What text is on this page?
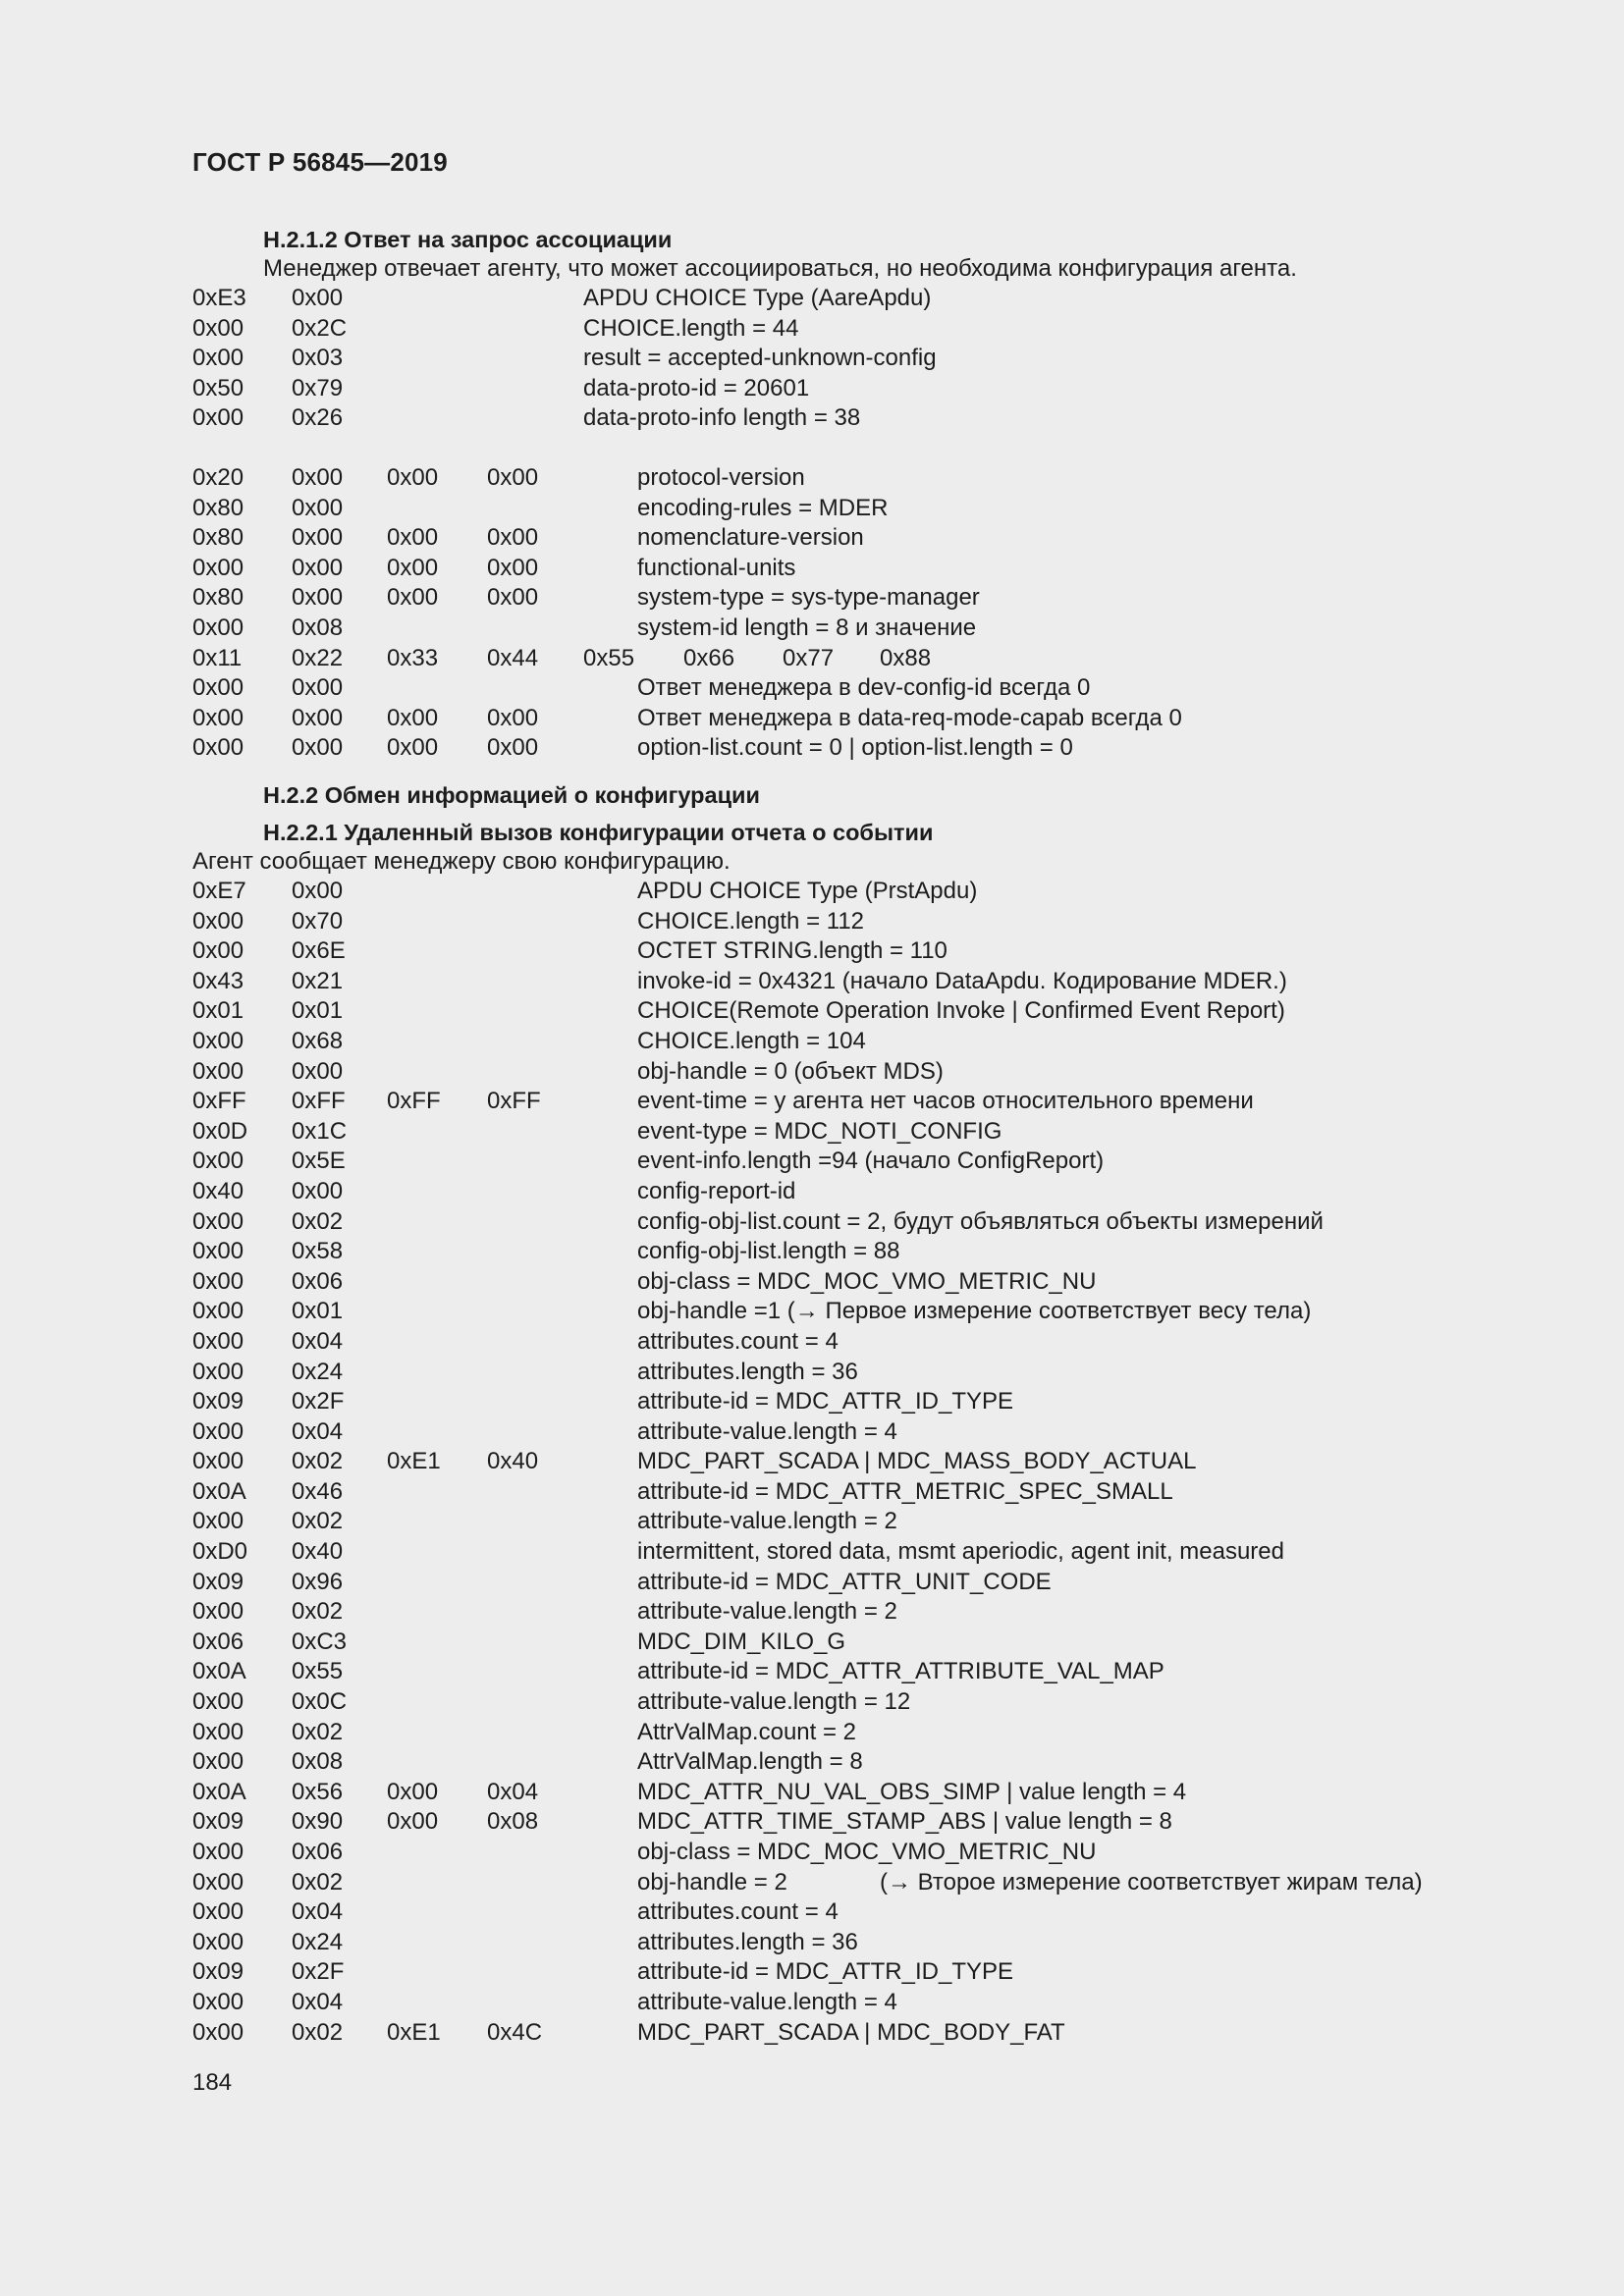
ГОСТ Р 56845—2019
H.2.1.2 Ответ на запрос ассоциации
Менеджер отвечает агенту, что может ассоциироваться, но необходима конфигурация агента.
0xE3 0x00	APDU CHOICE Type (AareApdu)
0x00 0x2C	CHOICE.length = 44
0x00 0x03	result = accepted-unknown-config
0x50 0x79	data-proto-id = 20601
0x00 0x26	data-proto-info length = 38
0x20 0x00 0x00 0x00	protocol-version
0x80 0x00	encoding-rules = MDER
0x80 0x00 0x00 0x00	nomenclature-version
0x00 0x00 0x00 0x00	functional-units
0x80 0x00 0x00 0x00	system-type = sys-type-manager
0x00 0x08	system-id length = 8 и значение
0x11 0x22 0x33 0x44 0x55 0x66 0x77 0x88
0x00 0x00	Ответ менеджера в dev-config-id всегда 0
0x00 0x00 0x00 0x00	Ответ менеджера в data-req-mode-capab всегда 0
0x00 0x00 0x00 0x00	option-list.count = 0 | option-list.length = 0
H.2.2 Обмен информацией о конфигурации
H.2.2.1 Удаленный вызов конфигурации отчета о событии
Агент сообщает менеджеру свою конфигурацию.
0xE7 0x00	APDU CHOICE Type (PrstApdu)
0x00 0x70	CHOICE.length = 112
0x00 0x6E	OCTET STRING.length = 110
0x43 0x21	invoke-id = 0x4321 (начало DataApdu. Кодирование MDER.)
0x01 0x01	CHOICE(Remote Operation Invoke | Confirmed Event Report)
0x00 0x68	CHOICE.length = 104
0x00 0x00	obj-handle = 0 (объект MDS)
0xFF 0xFF 0xFF 0xFF	event-time = у агента нет часов относительного времени
0x0D 0x1C	event-type = MDC_NOTI_CONFIG
0x00 0x5E	event-info.length =94 (начало ConfigReport)
0x40 0x00	config-report-id
0x00 0x02	config-obj-list.count = 2, будут объявляться объекты измерений
0x00 0x58	config-obj-list.length = 88
0x00 0x06	obj-class = MDC_MOC_VMO_METRIC_NU
0x00 0x01	obj-handle =1 (→ Первое измерение соответствует весу тела)
0x00 0x04	attributes.count = 4
0x00 0x24	attributes.length = 36
0x09 0x2F	attribute-id = MDC_ATTR_ID_TYPE
0x00 0x04	attribute-value.length = 4
0x00 0x02 0xE1 0x40	MDC_PART_SCADA | MDC_MASS_BODY_ACTUAL
0x0A 0x46	attribute-id = MDC_ATTR_METRIC_SPEC_SMALL
0x00 0x02	attribute-value.length = 2
0xD0 0x40	intermittent, stored data, msmt aperiodic, agent init, measured
0x09 0x96	attribute-id = MDC_ATTR_UNIT_CODE
0x00 0x02	attribute-value.length = 2
0x06 0xC3	MDC_DIM_KILO_G
0x0A 0x55	attribute-id = MDC_ATTR_ATTRIBUTE_VAL_MAP
0x00 0x0C	attribute-value.length = 12
0x00 0x02	AttrValMap.count = 2
0x00 0x08	AttrValMap.length = 8
0x0A 0x56 0x00 0x04	MDC_ATTR_NU_VAL_OBS_SIMP | value length = 4
0x09 0x90 0x00 0x08	MDC_ATTR_TIME_STAMP_ABS | value length = 8
0x00 0x06	obj-class = MDC_MOC_VMO_METRIC_NU
0x00 0x02	obj-handle = 2	(→ Второе измерение соответствует жирам тела)
0x00 0x04	attributes.count = 4
0x00 0x24	attributes.length = 36
0x09 0x2F	attribute-id = MDC_ATTR_ID_TYPE
0x00 0x04	attribute-value.length = 4
0x00 0x02 0xE1 0x4C	MDC_PART_SCADA | MDC_BODY_FAT
184
